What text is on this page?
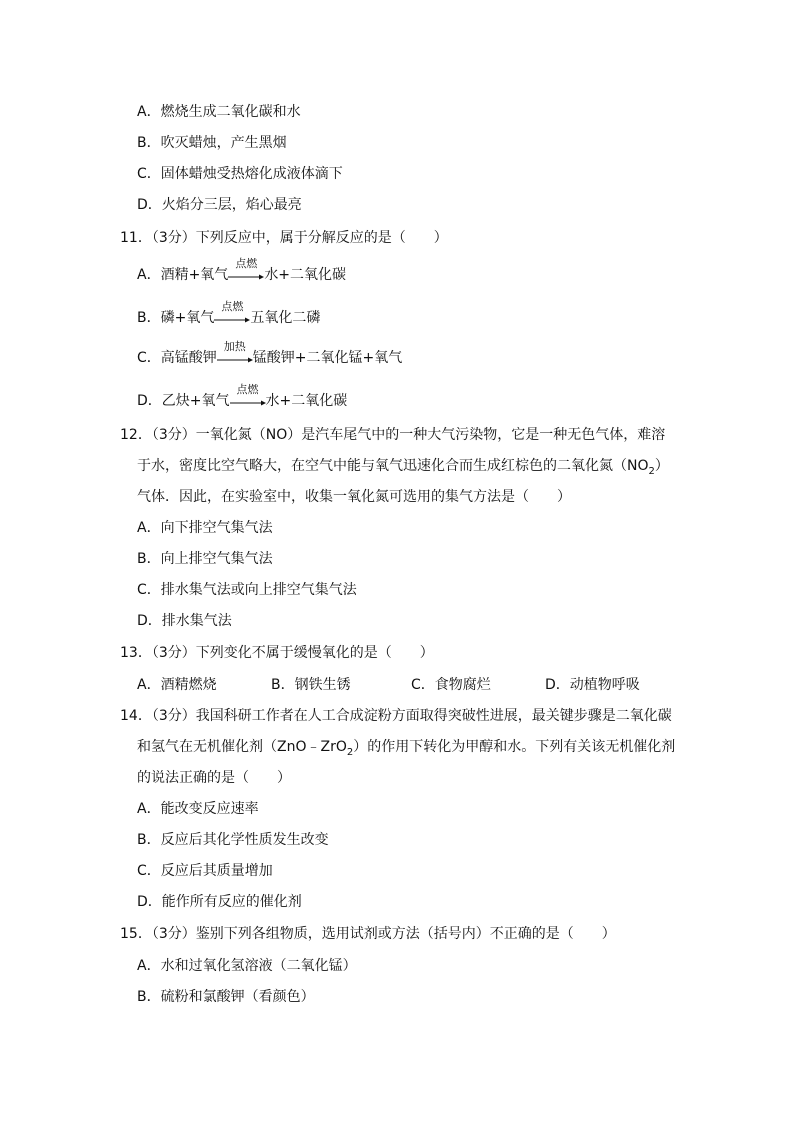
A．燃烧生成二氧化碳和水
B．吹灭蜡烛，产生黑烟
C．固体蜡烛受热熔化成液体滴下
D．火焰分三层，焰心最亮
11．（3分）下列反应中，属于分解反应的是（　　）
A．酒精+氧气
点燃
水+二氧化碳
B．磷+氧气
点燃
五氧化二磷
C．高锰酸钾
加热
锰酸钾+二氧化锰+氧气
D．乙炔+氧气
点燃
水+二氧化碳
12．（3分）一氧化氮（NO）是汽车尾气中的一种大气污染物，它是一种无色气体，难溶
于水，密度比空气略大，在空气中能与氧气迅速化合而生成红棕色的二氧化氮$(NO_2)$
气体．因此，在实验室中，收集一氧化氮可选用的集气方法是（　　）
A．向下排空气集气法
B．向上排空气集气法
C．排水集气法或向上排空气集气法
D．排水集气法
13．（3分）下列变化不属于缓慢氧化的是（　　）
A．酒精燃烧	B．钢铁生锈	C．食物腐烂	D．动植物呼吸
14．（3分）我国科研工作者在人工合成淀粉方面取得突破性进展，最关键步骤是二氧化碳
和氢气在无机催化剂（ZnO﹣ZrO$_2$）的作用下转化为甲醇和水。下列有关该无机催化剂
的说法正确的是（　　）
A．能改变反应速率
B．反应后其化学性质发生改变
C．反应后其质量增加
D．能作所有反应的催化剂
15．（3分）鉴别下列各组物质，选用试剂或方法（括号内）不正确的是（　　）
A．水和过氧化氢溶液（二氧化锰）
B．硫粉和氯酸钾（看颜色）
